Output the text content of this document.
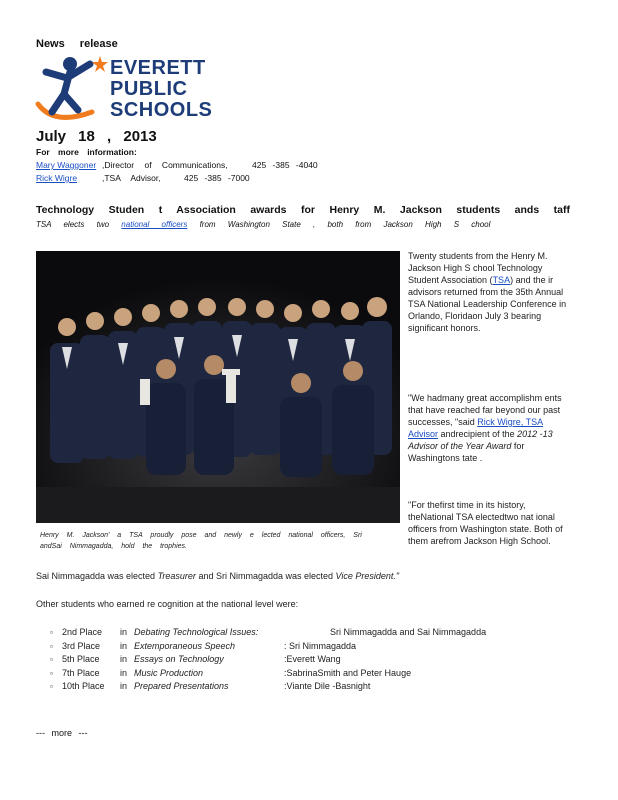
News release
EVERETT
PUBLIC
SCHOOLS
July 18 , 2013
For more information:
Mary Waggoner ,Director of Communications,	425 -385 -4040
Rick Wigre	,TSA Advisor,	425 -385 -7000
Technology Studen t Association awards for Henry M. Jackson students ands taff
TSA elects two national officers from Washington State , both from Jackson High S chool
Henry M. Jackson' a TSA proudly pose and newly e lected national officers, Sri andSai Nimmagadda, hold the trophies.
Twenty students from the Henry M. Jackson High S chool Technology Student Association (TSA) and the ir advisors returned from the 35th Annual TSA National Leadership Conference in Orlando, Floridaon July 3 bearing significant honors.
"We hadmany great accomplishm ents that have reached far beyond our past successes, "said Rick Wigre, TSA Advisor andrecipient of the 2012 -13 Advisor of the Year Award for Washingtons tate .
"For thefirst time in its history, theNational TSA electedtwo nat ional officers from Washington state. Both of them arefrom Jackson High School.
Sai Nimmagadda was elected Treasurer and Sri Nimmagadda was elected Vice President."
Other students who earned re cognition at the national level were:
▫	2nd Place	in Debating Technological Issues:	Sri Nimmagadda and Sai Nimmagadda
▫	3rd Place	in Extemporaneous Speech	: Sri Nimmagadda
▫	5th Place	in Essays on Technology	:Everett Wang
▫	7th Place	in Music Production	:SabrinaSmith and Peter Hauge
▫	10th Place	in Prepared Presentations	:Viante Dile -Basnight
--- more ---
